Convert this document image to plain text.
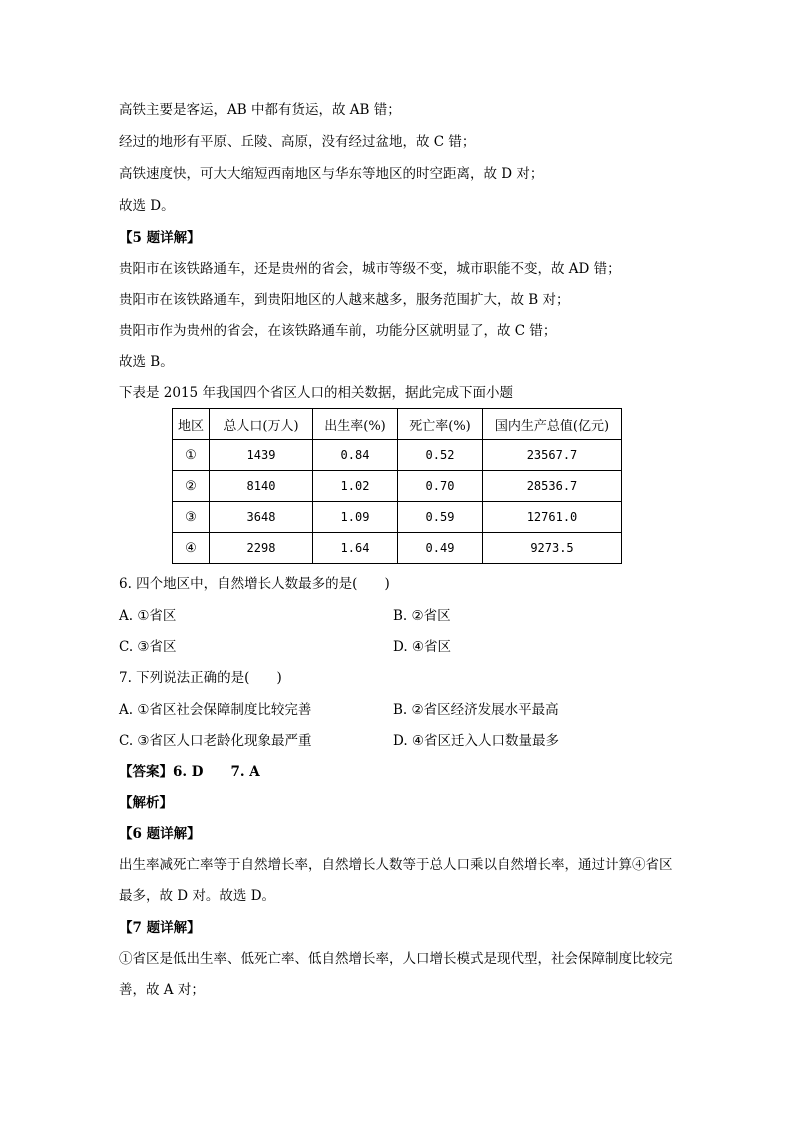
高铁主要是客运，AB 中都有货运，故 AB 错；
经过的地形有平原、丘陵、高原，没有经过盆地，故 C 错；
高铁速度快，可大大缩短西南地区与华东等地区的时空距离，故 D 对；
故选 D。
【5 题详解】
贵阳市在该铁路通车，还是贵州的省会，城市等级不变，城市职能不变，故 AD 错；
贵阳市在该铁路通车，到贵阳地区的人越来越多，服务范围扩大，故 B 对；
贵阳市作为贵州的省会，在该铁路通车前，功能分区就明显了，故 C 错；
故选 B。
下表是 2015 年我国四个省区人口的相关数据，据此完成下面小题
地区	总人口(万人)	出生率(%)	死亡率(%)	国内生产总值(亿元)
①	1439	0.84	0.52	23567.7
②	8140	1.02	0.70	28536.7
③	3648	1.09	0.59	12761.0
④	2298	1.64	0.49	9273.5
6. 四个地区中，自然增长人数最多的是(　　)
A. ①省区	B. ②省区
C. ③省区	D. ④省区
7. 下列说法正确的是(　　)
A. ①省区社会保障制度比较完善	B. ②省区经济发展水平最高
C. ③省区人口老龄化现象最严重	D. ④省区迁入人口数量最多
【答案】6. D　　7. A
【解析】
【6 题详解】
出生率减死亡率等于自然增长率，自然增长人数等于总人口乘以自然增长率，通过计算④省区最多，故 D 对。故选 D。
【7 题详解】
①省区是低出生率、低死亡率、低自然增长率，人口增长模式是现代型，社会保障制度比较完善，故 A 对；
